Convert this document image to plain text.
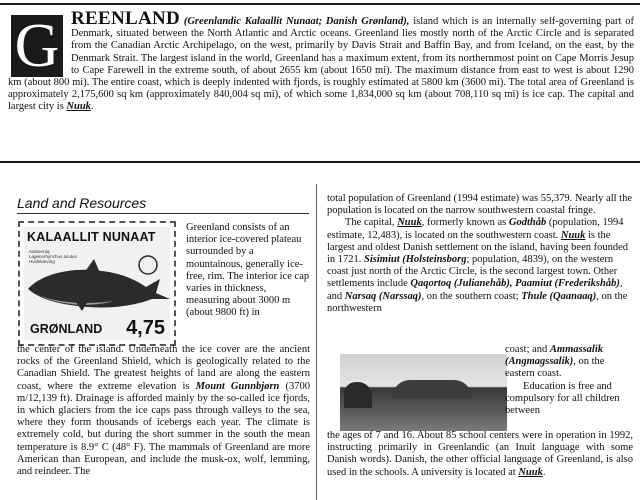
G REENLAND (Greenlandic Kalaallit Nunaat; Danish Grønland), island which is an internally self-governing part of Denmark, situated between the North Atlantic and Arctic oceans. Greenland lies mostly north of the Arctic Circle and is separated from the Canadian Arctic Archipelago, on the west, primarily by Davis Strait and Baffin Bay, and from Iceland, on the east, by the Denmark Strait. The largest island in the world, Greenland has a maximum extent, from its northernmost point on Cape Morris Jesup to Cape Farewell in the extreme south, of about 2655 km (about 1650 mi). The maximum distance from east to west is about 1290 km (about 800 mi). The entire coast, which is deeply indented with fjords, is roughly estimated at 5800 km (3600 mi). The total area of Greenland is approximately 2,175,600 sq km (approximately 840,004 sq mi), of which some 1,834,000 sq km (about 708,110 sq mi) is ice cap. The capital and largest city is Nuuk.
Land and Resources
KALAALLIT NUNAAT
Aatseeraq
Lagenorhynchus acutus
Hvidskæving
GRØNLAND 4,75
Greenland consists of an interior ice-covered plateau surrounded by a mountainous, generally ice-free, rim. The interior ice cap varies in thickness, measuring about 3000 m (about 9800 ft) in
the center of the island. Underneath the ice cover are the ancient rocks of the Greenland Shield, which is geologically related to the Canadian Shield. The greatest heights of land are along the eastern coast, where the extreme elevation is Mount Gunnbjørn (3700 m/12,139 ft). Drainage is afforded mainly by the so-called ice fjords, in which glaciers from the ice caps pass through valleys to the sea, where they form thousands of icebergs each year. The climate is extremely cold, but during the short summer in the south the mean temperature is 8.9° C (48° F). The mammals of Greenland are more American than European, and include the musk-ox, wolf, lemming, and reindeer. The

total population of Greenland (1994 estimate) was 55,379. Nearly all the population is located on the narrow southwestern coastal fringe.

The capital, Nuuk, formerly known as Godthåb (population, 1994 estimate, 12,483), is located on the southwestern coast. Nuuk is the largest and oldest Danish settlement on the island, having been founded in 1721. Sisimiut (Holsteinsborg; population, 4839), on the western coast just north of the Arctic Circle, is the second largest town. Other settlements include Qaqortoq (Julianehåb), Paamiut (Frederikshåb), and Narsaq (Narssaq), on the southern coast; Thule (Qaanaaq), on the northwestern

coast; and Ammassalik (Angmagssalik), on the eastern coast.

Education is free and compulsory for all children between

the ages of 7 and 16. About 85 school centers were in operation in 1992, instructing primarily in Greenlandic (an Inuit language with some Danish words). Danish, the other official language of Greenland, is also used in the schools. A university is located at Nuuk.
